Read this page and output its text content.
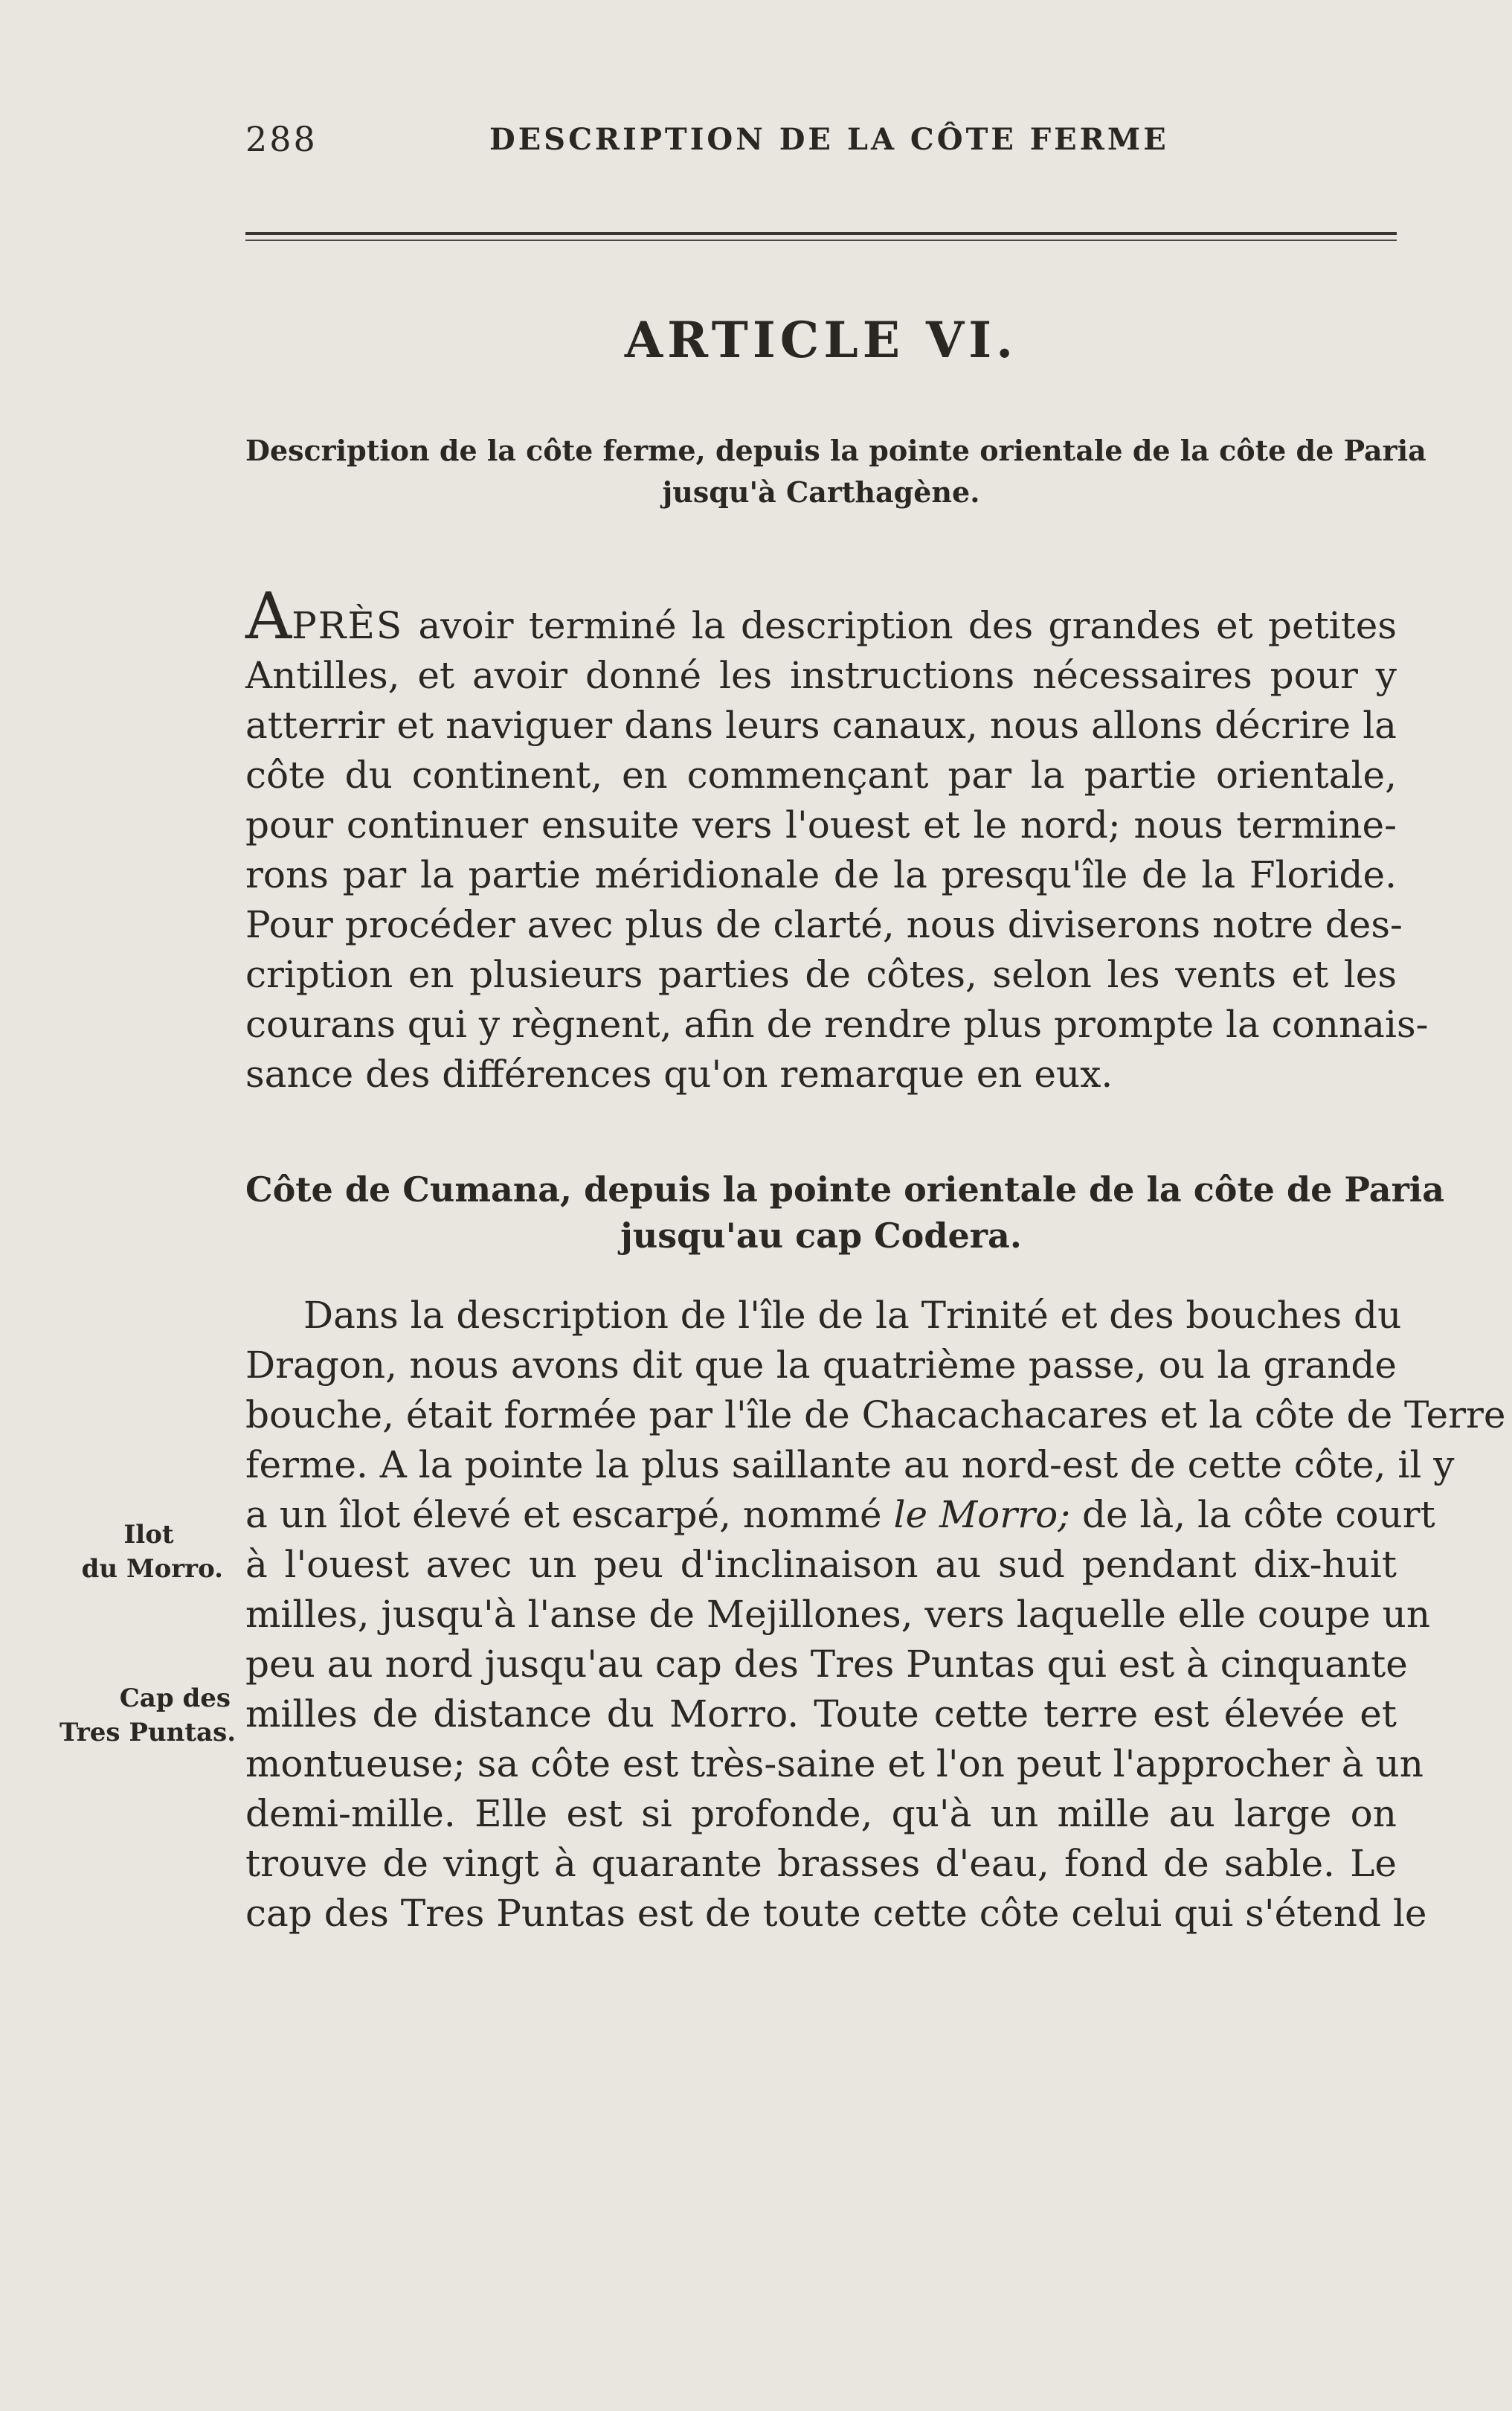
288	DESCRIPTION DE LA CÔTE FERME
ARTICLE VI.
Description de la côte ferme, depuis la pointe orientale de la côte de Paria
jusqu'à Carthagène.
APRÈS avoir terminé la description des grandes et petites
Antilles, et avoir donné les instructions nécessaires pour y
atterrir et naviguer dans leurs canaux, nous allons décrire la
côte du continent, en commençant par la partie orientale,
pour continuer ensuite vers l'ouest et le nord; nous termine-
rons par la partie méridionale de la presqu'île de la Floride.
Pour procéder avec plus de clarté, nous diviserons notre des-
cription en plusieurs parties de côtes, selon les vents et les
courans qui y règnent, afin de rendre plus prompte la connais-
sance des différences qu'on remarque en eux.
Côte de Cumana, depuis la pointe orientale de la côte de Paria
jusqu'au cap Codera.
Dans la description de l'île de la Trinité et des bouches du
Dragon, nous avons dit que la quatrième passe, ou la grande
bouche, était formée par l'île de Chacachacares et la côte de Terre
ferme. A la pointe la plus saillante au nord-est de cette côte, il y
a un îlot élevé et escarpé, nommé le Morro; de là, la côte court
à l'ouest avec un peu d'inclinaison au sud pendant dix-huit
milles, jusqu'à l'anse de Mejillones, vers laquelle elle coupe un
peu au nord jusqu'au cap des Tres Puntas qui est à cinquante
milles de distance du Morro. Toute cette terre est élevée et
montueuse; sa côte est très-saine et l'on peut l'approcher à un
demi-mille. Elle est si profonde, qu'à un mille au large on
trouve de vingt à quarante brasses d'eau, fond de sable. Le
cap des Tres Puntas est de toute cette côte celui qui s'étend le
Ilot
du Morro.
Cap des
Tres Puntas.
